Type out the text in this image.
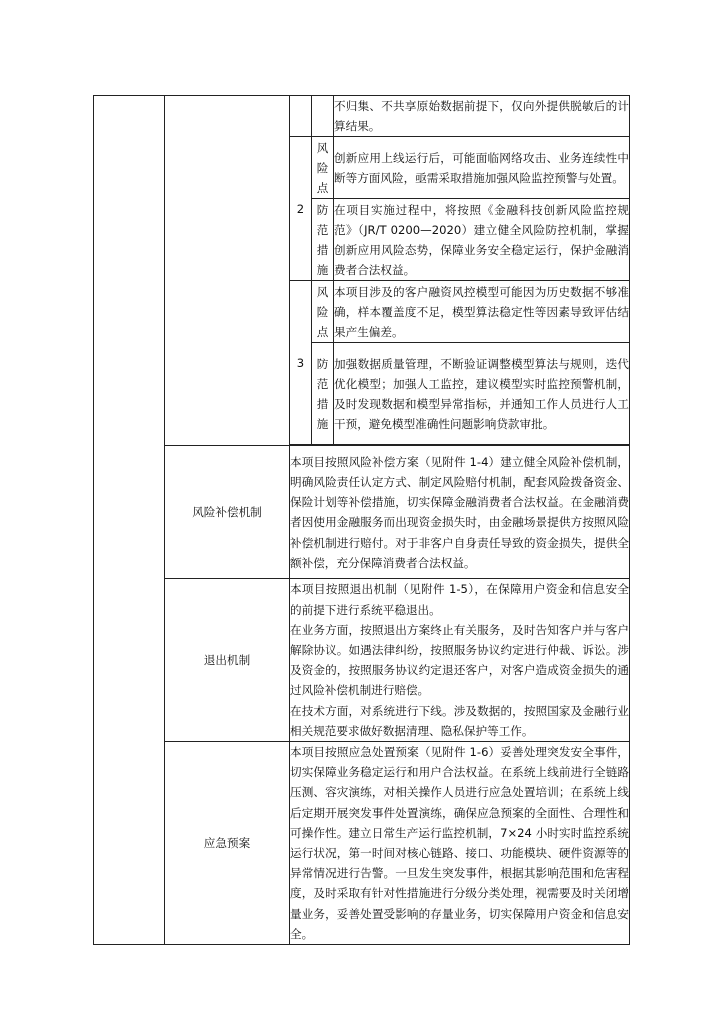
				不归集、不共享原始数据前提下，仅向外提供脱敏后的计算结果。
		2	风险点	创新应用上线运行后，可能面临网络攻击、业务连续性中断等方面风险，亟需采取措施加强风险监控预警与处置。

			防范措施	在项目实施过程中，将按照《金融科技创新风险监控规范》（JR/T 0200—2020）建立健全风险防控机制，掌握创新应用风险态势，保障业务安全稳定运行，保护金融消费者合法权益。
		3	风险点	本项目涉及的客户融资风控模型可能因为历史数据不够准确，样本覆盖度不足，模型算法稳定性等因素导致评估结果产生偏差。

			防范措施	加强数据质量管理，不断验证调整模型算法与规则，迭代优化模型；加强人工监控，建议模型实时监控预警机制，及时发现数据和模型异常指标，并通知工作人员进行人工干预，避免模型准确性问题影响贷款审批。

	风险补偿机制	本项目按照风险补偿方案（见附件 1-4）建立健全风险补偿机制，明确风险责任认定方式、制定风险赔付机制，配套风险拨备资金、保险计划等补偿措施，切实保障金融消费者合法权益。在金融消费者因使用金融服务而出现资金损失时，由金融场景提供方按照风险补偿机制进行赔付。对于非客户自身责任导致的资金损失，提供全额补偿，充分保障消费者合法权益。		

	退出机制	本项目按照退出机制（见附件 1-5），在保障用户资金和信息安全的前提下进行系统平稳退出。

在业务方面，按照退出方案终止有关服务，及时告知客户并与客户解除协议。如遇法律纠纷，按照服务协议约定进行仲裁、诉讼。涉及资金的，按照服务协议约定退还客户，对客户造成资金损失的通过风险补偿机制进行赔偿。

在技术方面，对系统进行下线。涉及数据的，按照国家及金融行业相关规范要求做好数据清理、隐私保护等工作。		

	应急预案	本项目按照应急处置预案（见附件 1-6）妥善处理突发安全事件，切实保障业务稳定运行和用户合法权益。在系统上线前进行全链路压测、容灾演练，对相关操作人员进行应急处置培训；在系统上线后定期开展突发事件处置演练，确保应急预案的全面性、合理性和可操作性。建立日常生产运行监控机制，7×24 小时实时监控系统运行状况，第一时间对核心链路、接口、功能模块、硬件资源等的异常情况进行告警。一旦发生突发事件，根据其影响范围和危害程度，及时采取有针对性措施进行分级分类处理，视需要及时关闭增量业务，妥善处置受影响的存量业务，切实保障用户资金和信息安全。		
